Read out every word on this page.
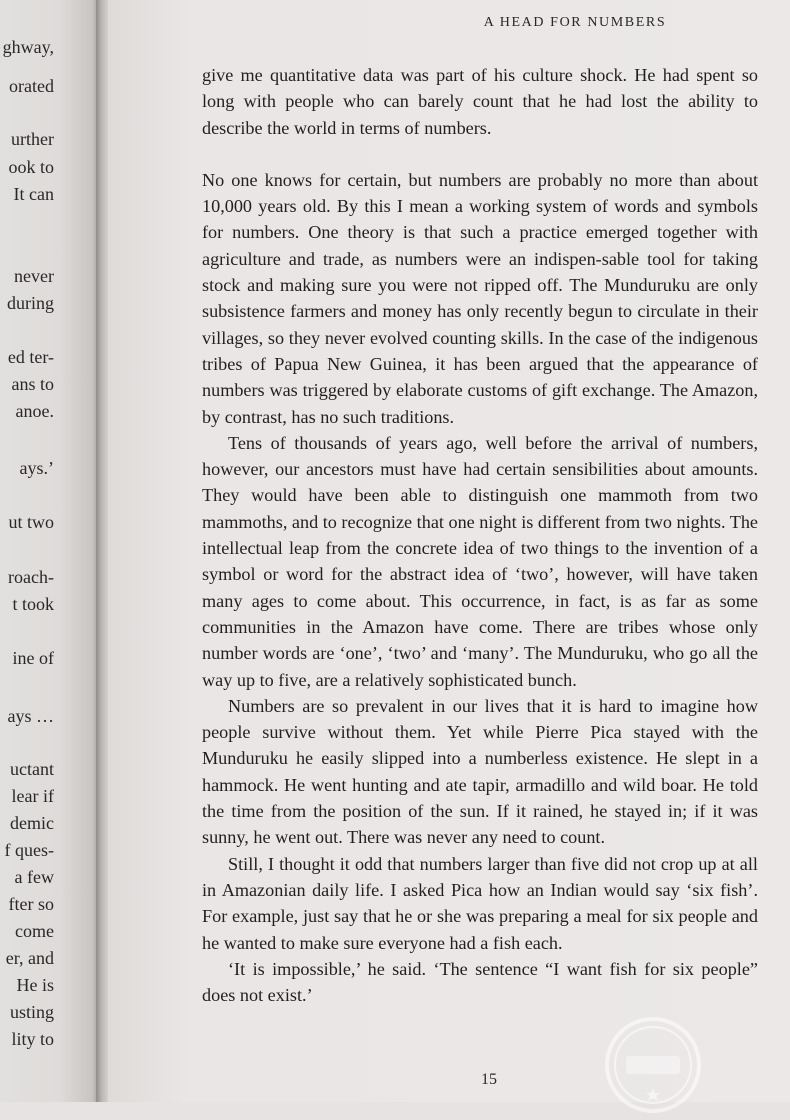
ghway,
orated
urther
ook to
It can
never
during
ed ter-
ans to
anoe.
ays.’
ut two
roach-
t took
ine of
ays …
uctant
lear if
demic
f ques-
a few
fter so
come
er, and
He is
usting
lity to
A HEAD FOR NUMBERS

give me quantitative data was part of his culture shock. He had spent so long with people who can barely count that he had lost the ability to describe the world in terms of numbers.

No one knows for certain, but numbers are probably no more than about 10,000 years old. By this I mean a working system of words and symbols for numbers. One theory is that such a practice emerged together with agriculture and trade, as numbers were an indispen-sable tool for taking stock and making sure you were not ripped off. The Munduruku are only subsistence farmers and money has only recently begun to circulate in their villages, so they never evolved counting skills. In the case of the indigenous tribes of Papua New Guinea, it has been argued that the appearance of numbers was triggered by elaborate customs of gift exchange. The Amazon, by contrast, has no such traditions.

Tens of thousands of years ago, well before the arrival of numbers, however, our ancestors must have had certain sensibilities about amounts. They would have been able to distinguish one mammoth from two mammoths, and to recognize that one night is different from two nights. The intellectual leap from the concrete idea of two things to the invention of a symbol or word for the abstract idea of ‘two’, however, will have taken many ages to come about. This occurrence, in fact, is as far as some communities in the Amazon have come. There are tribes whose only number words are ‘one’, ‘two’ and ‘many’. The Munduruku, who go all the way up to five, are a relatively sophisticated bunch.

Numbers are so prevalent in our lives that it is hard to imagine how people survive without them. Yet while Pierre Pica stayed with the Munduruku he easily slipped into a numberless existence. He slept in a hammock. He went hunting and ate tapir, armadillo and wild boar. He told the time from the position of the sun. If it rained, he stayed in; if it was sunny, he went out. There was never any need to count.

Still, I thought it odd that numbers larger than five did not crop up at all in Amazonian daily life. I asked Pica how an Indian would say ‘six fish’. For example, just say that he or she was preparing a meal for six people and he wanted to make sure everyone had a fish each.

‘It is impossible,’ he said. ‘The sentence “I want fish for six people” does not exist.’

15
